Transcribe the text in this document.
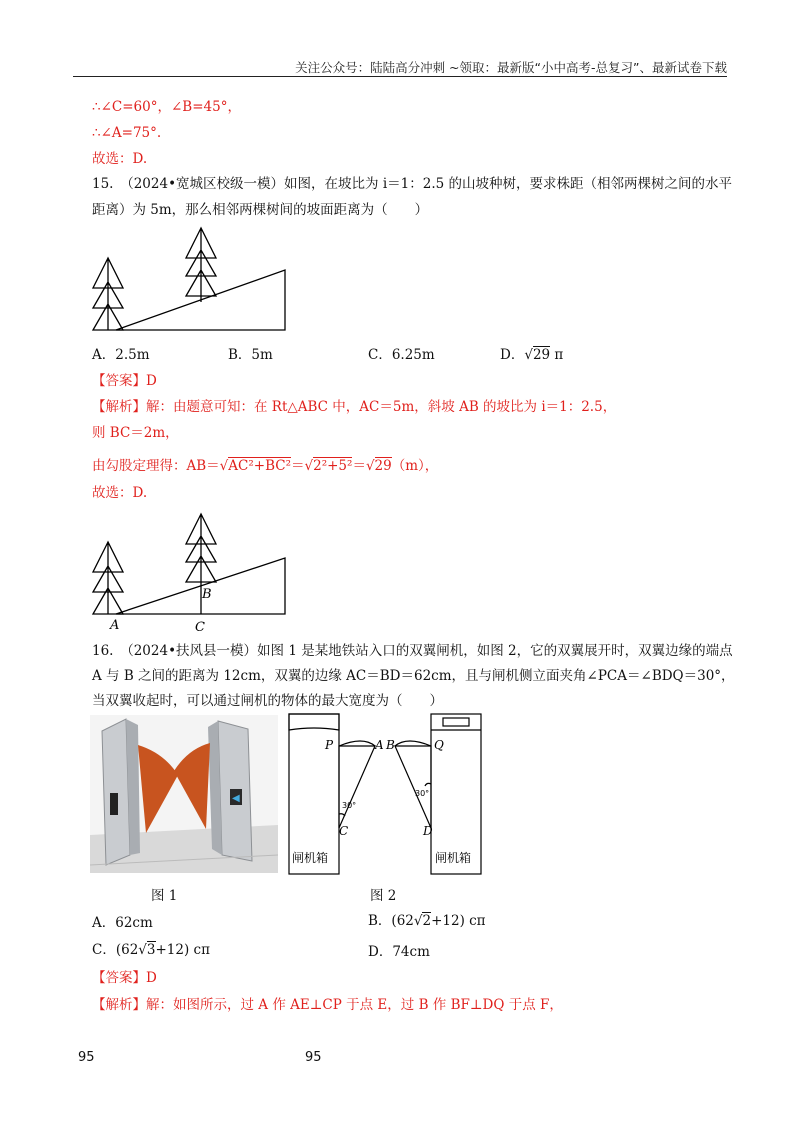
关注公众号：陆陆高分冲刺 ~领取：最新版“小中高考-总复习”、最新试卷下载
∴∠C=60°，∠B=45°，
∴∠A=75°.
故选：D.
15.　（2024•宽城区校级一模）如图，在坡比为 i＝1：2.5 的山坡种树，要求株距（相邻两棵树之间的水平
距离）为 5m，那么相邻两棵树间的坡面距离为（　　）
A．2.5m	B．5m	C．6.25m	D．√29 π
【答案】D
【解析】解：由题意可知：在 Rt△ABC 中，AC＝5m，斜坡 AB 的坡比为 i＝1：2.5，
则 BC＝2m，
由勾股定理得：AB＝√AC²+BC²＝√2²+5²＝√29（m），
故选：D.
A
B
C
16.　（2024•扶风县一模）如图 1 是某地铁站入口的双翼闸机，如图 2，它的双翼展开时，双翼边缘的端点
A 与 B 之间的距离为 12cm，双翼的边缘 AC＝BD＝62cm，且与闸机侧立面夹角∠PCA＝∠BDQ＝30°，
当双翼收起时，可以通过闸机的物体的最大宽度为（　　）
◀
P	Q
A B
C	D
30°
30°
闸机箱	闸机箱
图 1	图 2
A．62cm	B．(62√2+12) cπ
C．(62√3+12) cπ	D．74cm
【答案】D
【解析】解：如图所示，过 A 作 AE⊥CP 于点 E，过 B 作 BF⊥DQ 于点 F，
95	95
